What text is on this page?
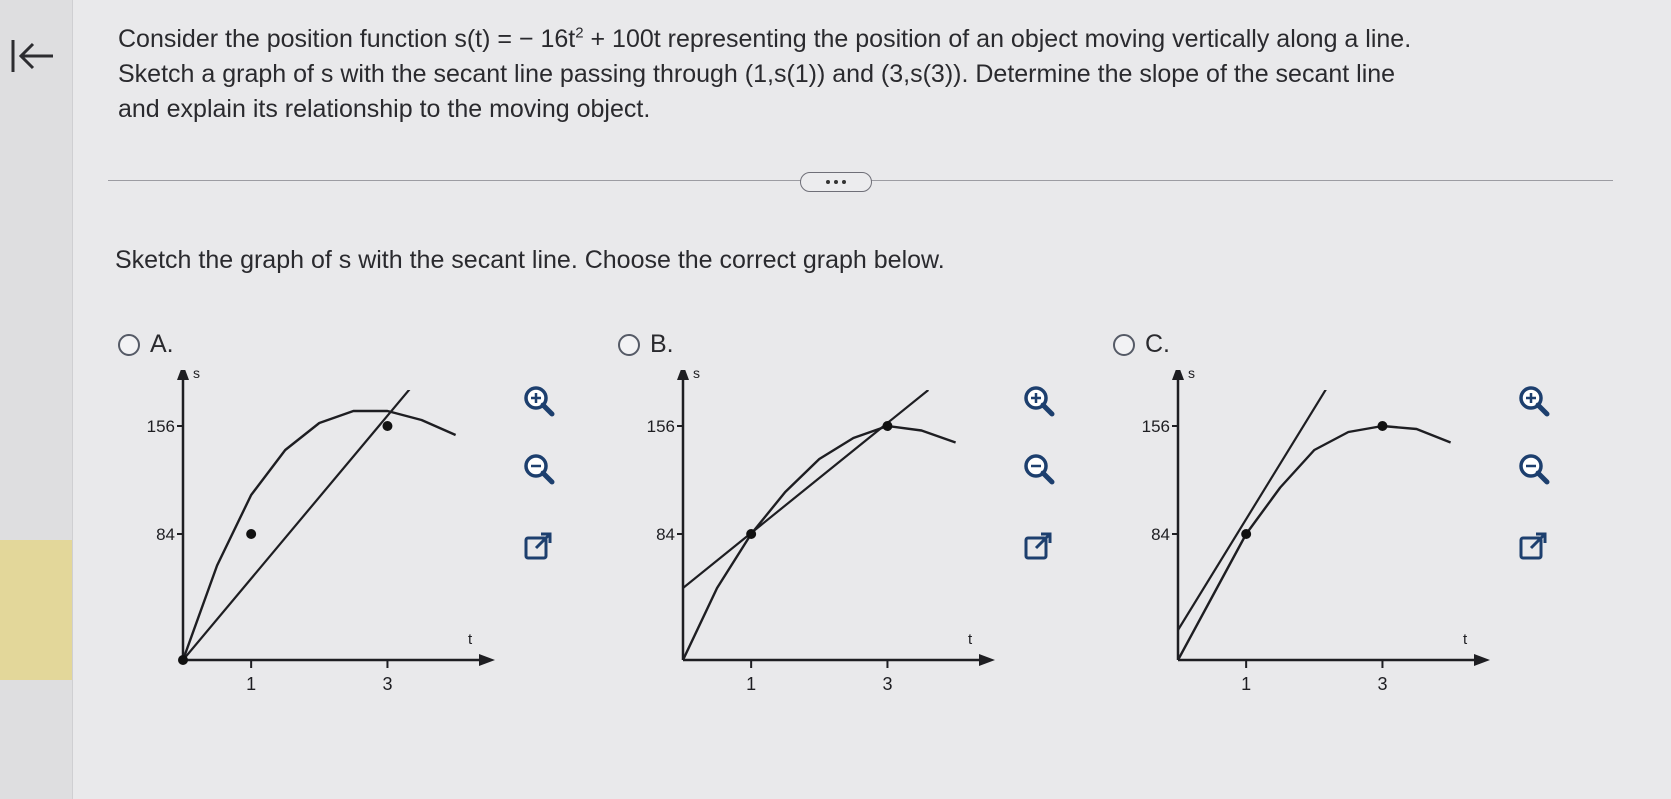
Consider the position function s(t) = − $16t^2 + 100t$ representing the position of an object moving vertically along a line.
Sketch a graph of s with the secant line passing through (1,s(1)) and (3,s(3)). Determine the slope of the secant line
and explain its relationship to the moving object.
Sketch the graph of s with the secant line. Choose the correct graph below.
A.
s
t
156
84
1	3
B.
s
t
156
84
1	3
C.
s
t
156
84
1	3
